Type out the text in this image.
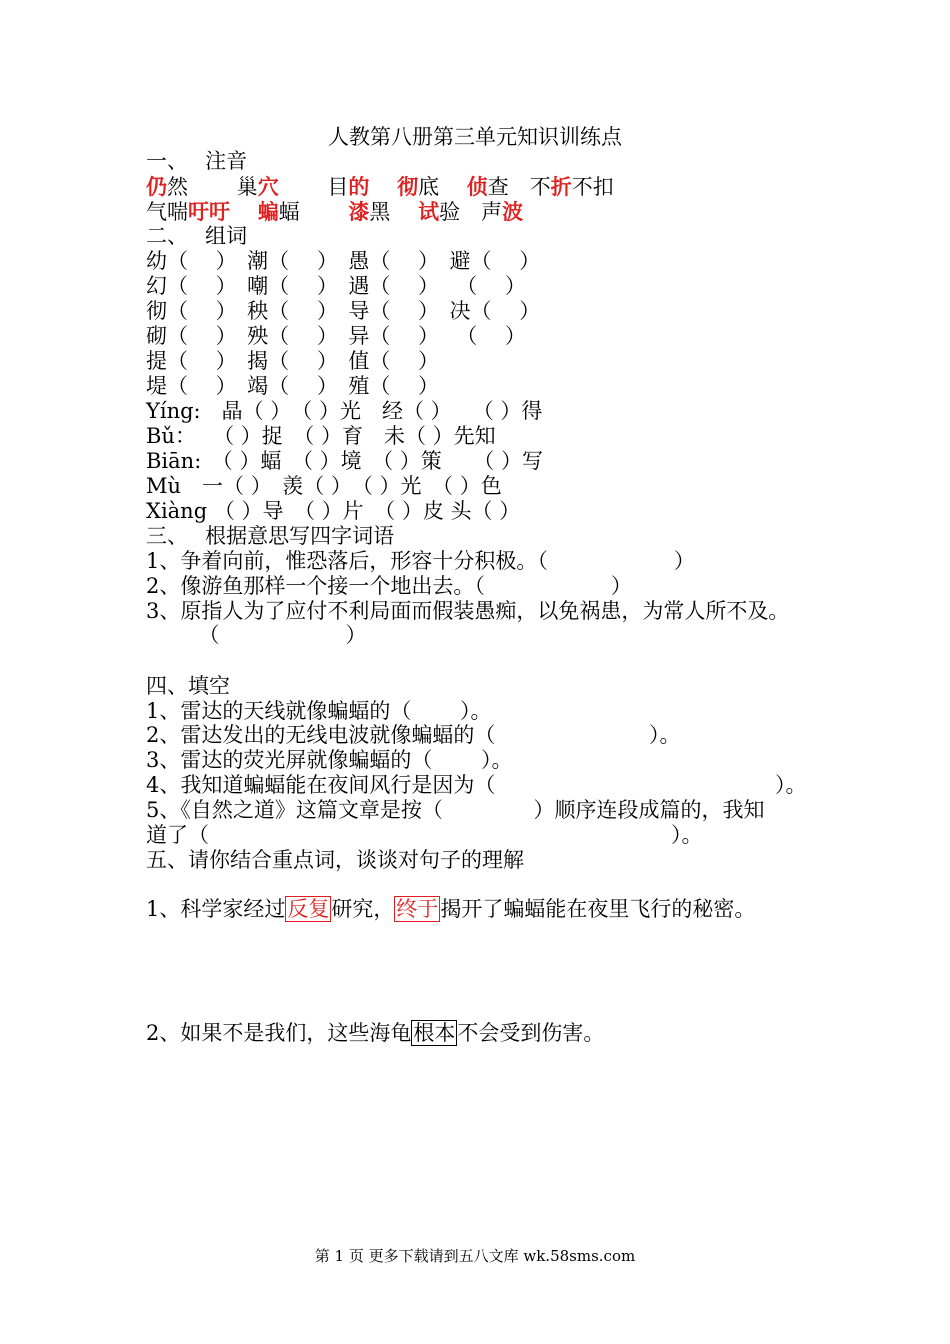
人教第八册第三单元知识训练点
一、　 注音
仍然　　 巢穴　　 目的　 彻底　 侦查　不折不扣
气喘吁吁　 蝙蝠　　 漆黑　 试验　声波
二、　 组词
幼（　 ）　潮（　 ）　愚（　 ）　避（　 ）
幻（　 ）　嘲（　 ）　遇（　 ）　 （　 ）
彻（　 ）　秧（　 ）　导（　 ）　决（　 ）
砌（　 ）　殃（　 ）　异（　 ）　 （　 ）
提（　 ）　揭（　 ）　值（　 ）
堤（　 ）　竭（　 ）　殖（　 ）
Yíng:　晶（ ）　（ ）光　经（ ）　　（ ）得
Bǔ：　 （ ）捉　（ ）育　未（ ）先知
Biān:　（ ）蝠　（ ）境　（ ）策　　（ ）写
Mù　一（ ）　羡（ ）　（ ）光　（ ）色
Xiàng （ ）导　（ ）片　（ ）皮 头（ ）
三、　 根据意思写四字词语
1、争着向前，惟恐落后，形容十分积极。（　　　　　　）
2、像游鱼那样一个接一个地出去。（　　　　　　）
3、原指人为了应付不利局面而假装愚痴，以免祸患，为常人所不及。
　　　（　　　　　　）
四、填空
1、雷达的天线就像蝙蝠的（　　 ）。
2、雷达发出的无线电波就像蝙蝠的（　　　　　　　 ）。
3、雷达的荧光屏就像蝙蝠的（　　 ）。
4、我知道蝙蝠能在夜间风行是因为（　　　　　　　　　　　　　 ）。
5、《自然之道》这篇文章是按（　　　　 ）顺序连段成篇的，我知
道了（　　　　　　　　　　　　　　　　　　　　　　）。
五、请你结合重点词，谈谈对句子的理解

1、科学家经过反复研究，终于揭开了蝙蝠能在夜里飞行的秘密。

2、如果不是我们，这些海龟根本不会受到伤害。

第 1 页 更多下载请到五八文库 wk.58sms.com
